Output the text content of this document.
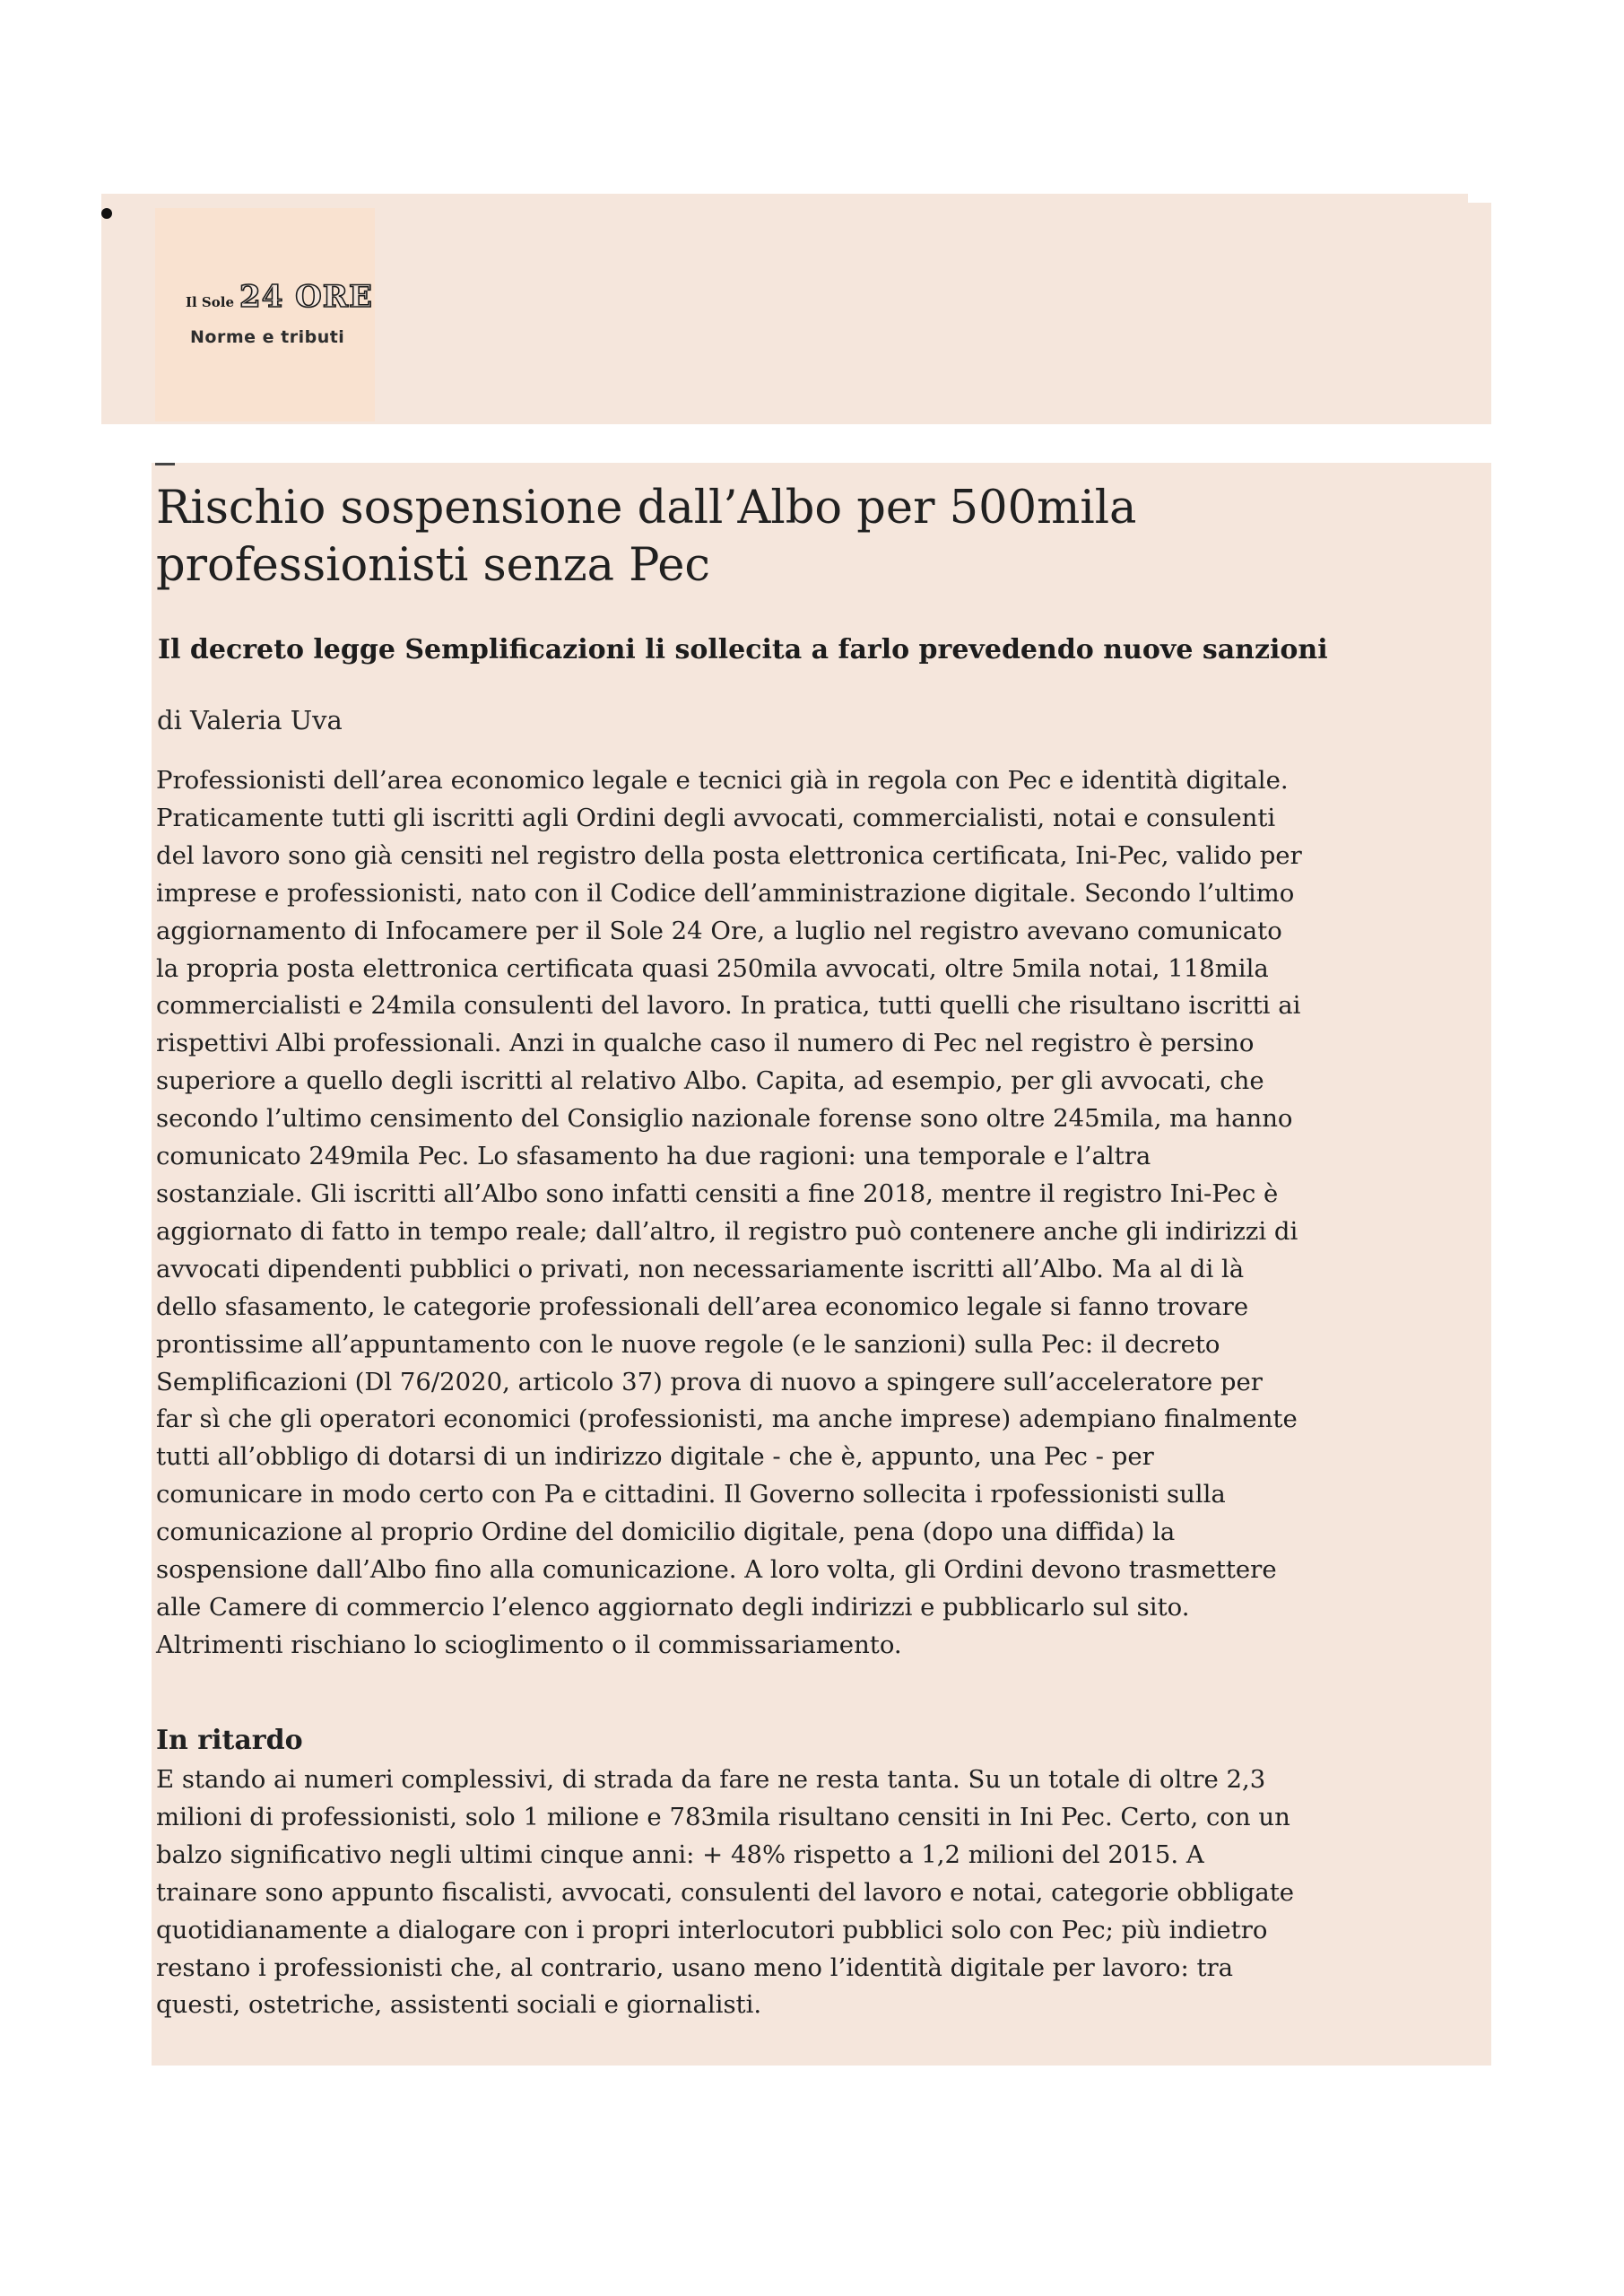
Il Sole 24 ORE
Norme e tributi
Rischio sospensione dall’Albo per 500mila
professionisti senza Pec
Il decreto legge Semplificazioni li sollecita a farlo prevedendo nuove sanzioni
di Valeria Uva

Professionisti dell’area economico legale e tecnici già in regola con Pec e identità digitale.
Praticamente tutti gli iscritti agli Ordini degli avvocati, commercialisti, notai e consulenti
del lavoro sono già censiti nel registro della posta elettronica certificata, Ini-Pec, valido per
imprese e professionisti, nato con il Codice dell’amministrazione digitale. Secondo l’ultimo
aggiornamento di Infocamere per il Sole 24 Ore, a luglio nel registro avevano comunicato
la propria posta elettronica certificata quasi 250mila avvocati, oltre 5mila notai, 118mila
commercialisti e 24mila consulenti del lavoro. In pratica, tutti quelli che risultano iscritti ai
rispettivi Albi professionali. Anzi in qualche caso il numero di Pec nel registro è persino
superiore a quello degli iscritti al relativo Albo. Capita, ad esempio, per gli avvocati, che
secondo l’ultimo censimento del Consiglio nazionale forense sono oltre 245mila, ma hanno
comunicato 249mila Pec. Lo sfasamento ha due ragioni: una temporale e l’altra
sostanziale. Gli iscritti all’Albo sono infatti censiti a fine 2018, mentre il registro Ini-Pec è
aggiornato di fatto in tempo reale; dall’altro, il registro può contenere anche gli indirizzi di
avvocati dipendenti pubblici o privati, non necessariamente iscritti all’Albo. Ma al di là
dello sfasamento, le categorie professionali dell’area economico legale si fanno trovare
prontissime all’appuntamento con le nuove regole (e le sanzioni) sulla Pec: il decreto
Semplificazioni (Dl 76/2020, articolo 37) prova di nuovo a spingere sull’acceleratore per
far sì che gli operatori economici (professionisti, ma anche imprese) adempiano finalmente
tutti all’obbligo di dotarsi di un indirizzo digitale - che è, appunto, una Pec - per
comunicare in modo certo con Pa e cittadini. Il Governo sollecita i rpofessionisti sulla
comunicazione al proprio Ordine del domicilio digitale, pena (dopo una diffida) la
sospensione dall’Albo fino alla comunicazione. A loro volta, gli Ordini devono trasmettere
alle Camere di commercio l’elenco aggiornato degli indirizzi e pubblicarlo sul sito.
Altrimenti rischiano lo scioglimento o il commissariamento.

In ritardo

E stando ai numeri complessivi, di strada da fare ne resta tanta. Su un totale di oltre 2,3
milioni di professionisti, solo 1 milione e 783mila risultano censiti in Ini Pec. Certo, con un
balzo significativo negli ultimi cinque anni: + 48% rispetto a 1,2 milioni del 2015. A
trainare sono appunto fiscalisti, avvocati, consulenti del lavoro e notai, categorie obbligate
quotidianamente a dialogare con i propri interlocutori pubblici solo con Pec; più indietro
restano i professionisti che, al contrario, usano meno l’identità digitale per lavoro: tra
questi, ostetriche, assistenti sociali e giornalisti.
